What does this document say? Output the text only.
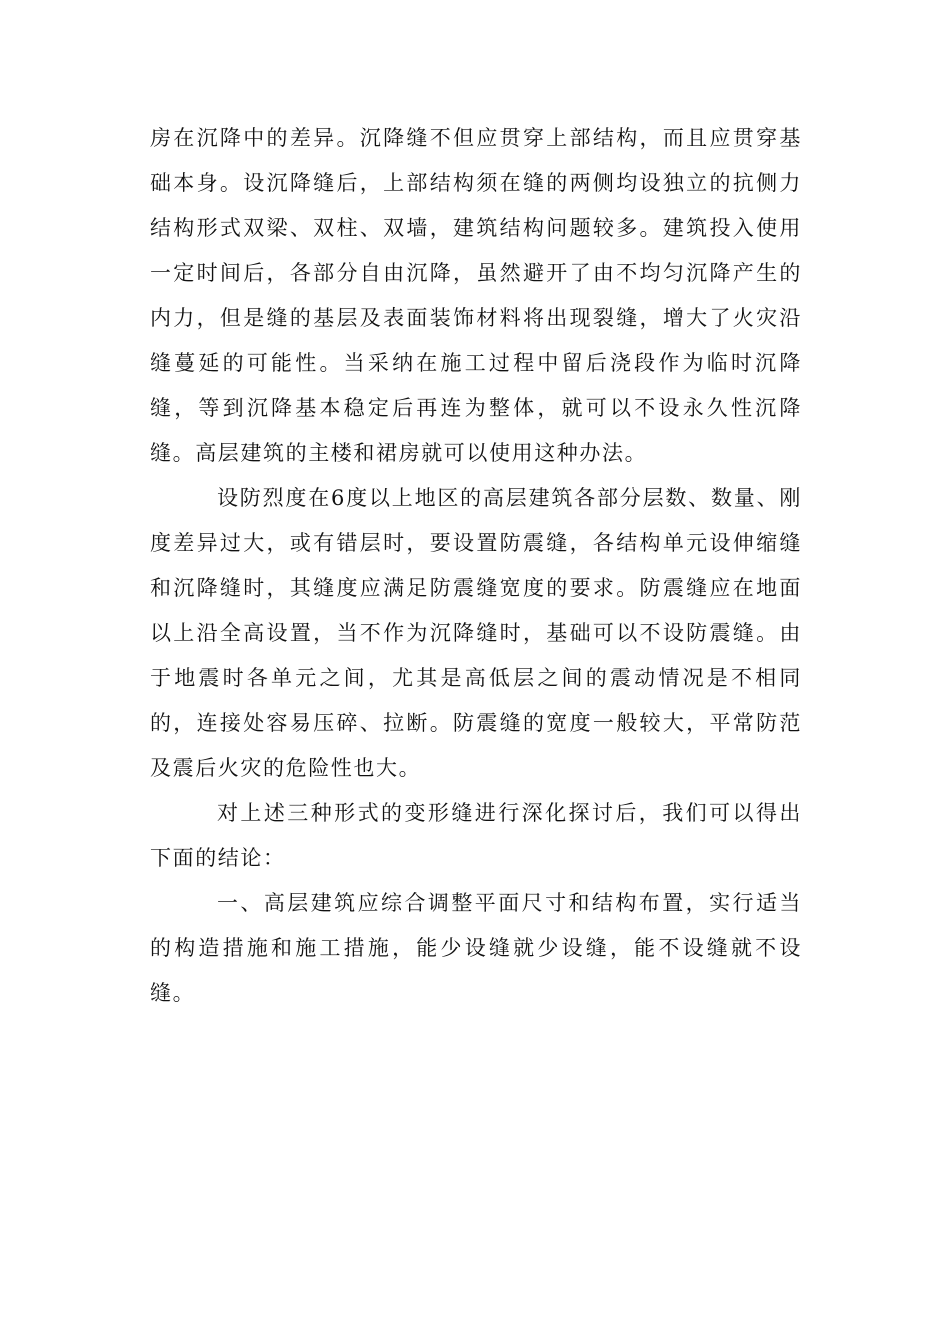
房在沉降中的差异。沉降缝不但应贯穿上部结构，而且应贯穿基础本身。设沉降缝后，上部结构须在缝的两侧均设独立的抗侧力结构形式双梁、双柱、双墙，建筑结构问题较多。建筑投入使用一定时间后，各部分自由沉降，虽然避开了由不均匀沉降产生的内力，但是缝的基层及表面装饰材料将出现裂缝，增大了火灾沿缝蔓延的可能性。当采纳在施工过程中留后浇段作为临时沉降缝，等到沉降基本稳定后再连为整体，就可以不设永久性沉降缝。高层建筑的主楼和裙房就可以使用这种办法。

设防烈度在6度以上地区的高层建筑各部分层数、数量、刚度差异过大，或有错层时，要设置防震缝，各结构单元设伸缩缝和沉降缝时，其缝度应满足防震缝宽度的要求。防震缝应在地面以上沿全高设置，当不作为沉降缝时，基础可以不设防震缝。由于地震时各单元之间，尤其是高低层之间的震动情况是不相同的，连接处容易压碎、拉断。防震缝的宽度一般较大，平常防范及震后火灾的危险性也大。

对上述三种形式的变形缝进行深化探讨后，我们可以得出下面的结论：

一、高层建筑应综合调整平面尺寸和结构布置，实行适当的构造措施和施工措施，能少设缝就少设缝，能不设缝就不设缝。
